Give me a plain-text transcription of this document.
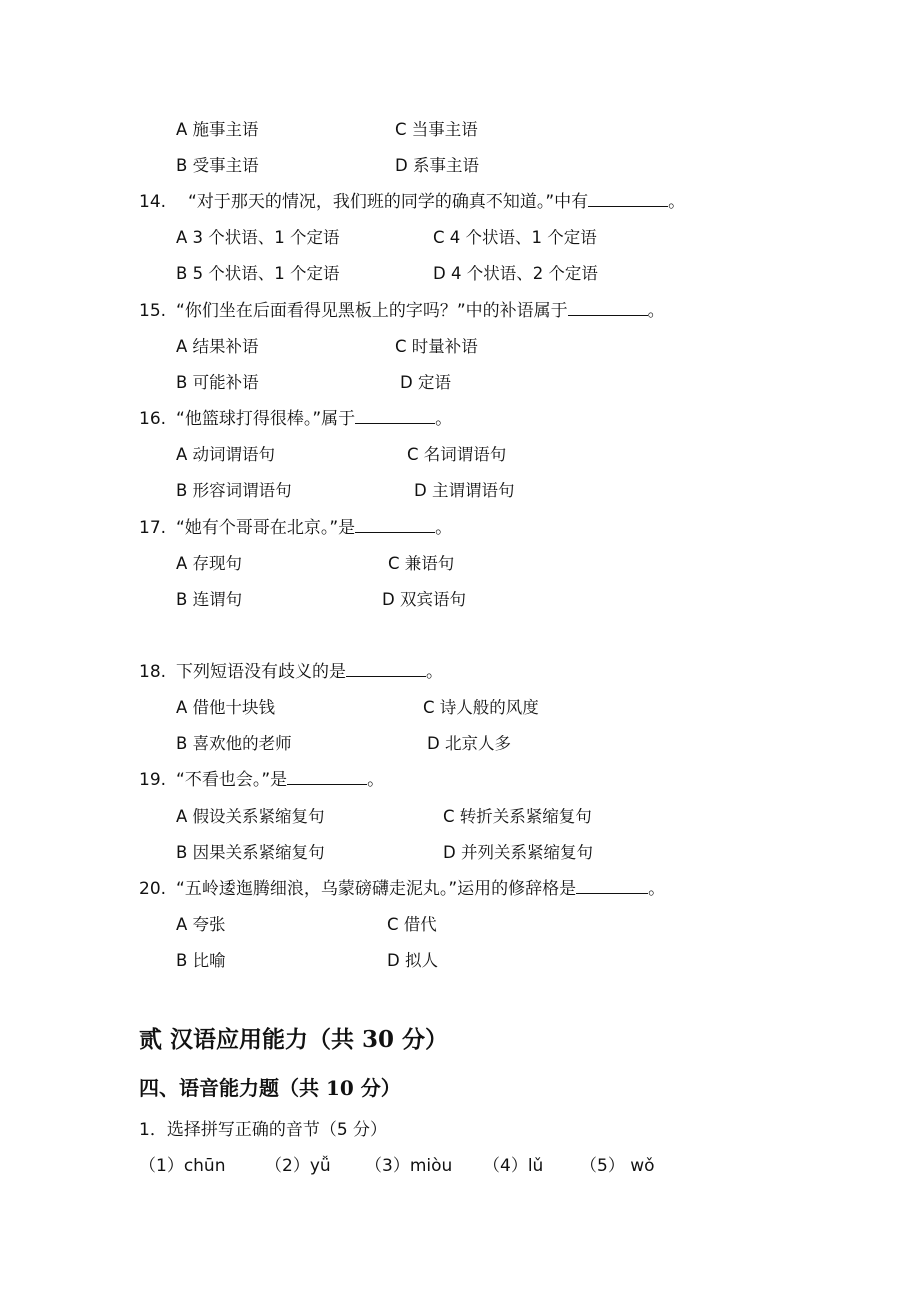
A 施事主语	C 当事主语
B 受事主语	D 系事主语
14. “对于那天的情况，我们班的同学的确真不知道。”中有	。
A 3 个状语、1 个定语	C 4 个状语、1 个定语
B 5 个状语、1 个定语	D 4 个状语、2 个定语
15. “你们坐在后面看得见黑板上的字吗？”中的补语属于	。
A 结果补语	C 时量补语
B 可能补语	D 定语
16. “他篮球打得很棒。”属于	。
A 动词谓语句	C 名词谓语句
B 形容词谓语句	D 主谓谓语句
17. “她有个哥哥在北京。”是	。
A 存现句	C 兼语句
B 连谓句	D 双宾语句
18. 下列短语没有歧义的是	。
A 借他十块钱	C 诗人般的风度
B 喜欢他的老师	D 北京人多
19. “不看也会。”是	。
A 假设关系紧缩复句	C 转折关系紧缩复句
B 因果关系紧缩复句	D 并列关系紧缩复句
20. “五岭逶迤腾细浪，乌蒙磅礴走泥丸。”运用的修辞格是	。
A 夸张	C 借代
B 比喻	D 拟人
贰 汉语应用能力（共 30 分）
四、语音能力题（共 10 分）
1．选择拼写正确的音节（5 分）
（1）chūn （2）yǚ （3）miòu （4）lǔ （5） wǒ
